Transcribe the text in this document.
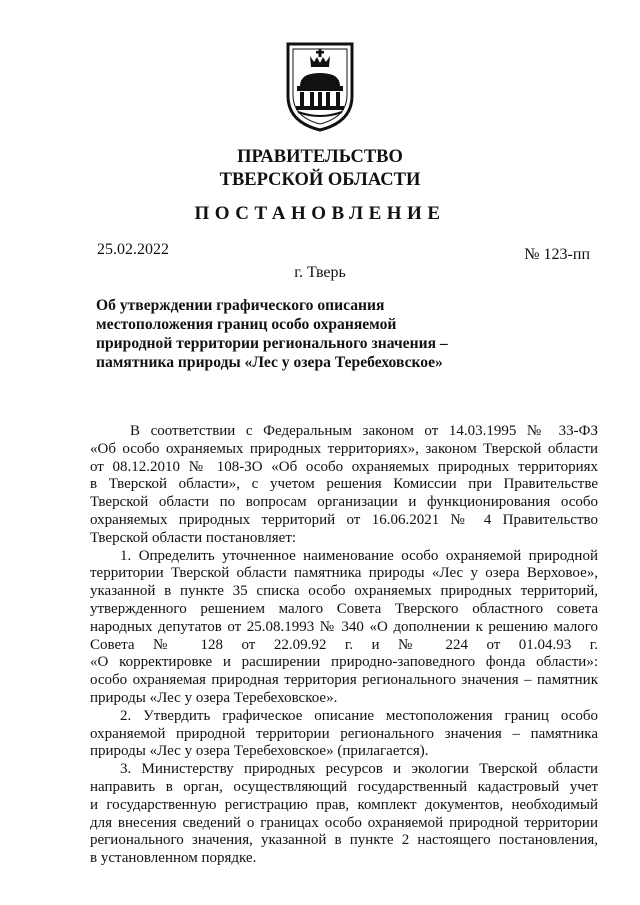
ПРАВИТЕЛЬСТВО
ТВЕРСКОЙ ОБЛАСТИ
ПОСТАНОВЛЕНИЕ
25.02.2022	№ 123-пп
г. Тверь
Об утверждении графического описания
местоположения границ особо охраняемой
природной территории регионального значения –
памятника природы «Лес у озера Теребеховское»
В соответствии с Федеральным законом от 14.03.1995 № 33-ФЗ
«Об особо охраняемых природных территориях», законом Тверской области
от 08.12.2010 № 108-ЗО «Об особо охраняемых природных территориях
в Тверской области», с учетом решения Комиссии при Правительстве
Тверской области по вопросам организации и функционирования особо
охраняемых природных территорий от 16.06.2021 № 4 Правительство
Тверской области постановляет:
1. Определить уточненное наименование особо охраняемой природной
территории Тверской области памятника природы «Лес у озера Верховое»,
указанной в пункте 35 списка особо охраняемых природных территорий,
утвержденного решением малого Совета Тверского областного совета
народных депутатов от 25.08.1993 № 340 «О дополнении к решению малого
Совета № 128 от 22.09.92 г. и № 224 от 01.04.93 г.
«О корректировке и расширении природно-заповедного фонда области»:
особо охраняемая природная территория регионального значения – памятник
природы «Лес у озера Теребеховское».
2. Утвердить графическое описание местоположения границ особо
охраняемой природной территории регионального значения – памятника
природы «Лес у озера Теребеховское» (прилагается).
3. Министерству природных ресурсов и экологии Тверской области
направить в орган, осуществляющий государственный кадастровый учет
и государственную регистрацию прав, комплект документов, необходимый
для внесения сведений о границах особо охраняемой природной территории
регионального значения, указанной в пункте 2 настоящего постановления,
в установленном порядке.
